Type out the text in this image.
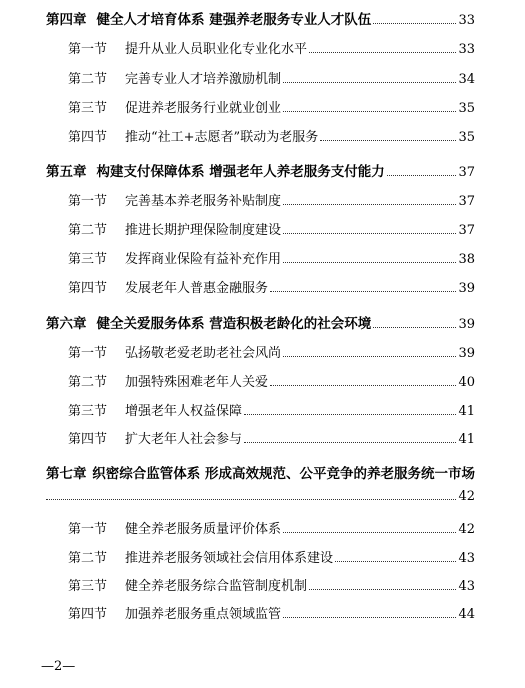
第四章 健全人才培育体系 建强养老服务专业人才队伍	33
第一节 提升从业人员职业化专业化水平	33
第二节 完善专业人才培养激励机制	34
第三节 促进养老服务行业就业创业	35
第四节 推动“社工+志愿者”联动为老服务	35
第五章 构建支付保障体系 增强老年人养老服务支付能力	37
第一节 完善基本养老服务补贴制度	37
第二节 推进长期护理保险制度建设	37
第三节 发挥商业保险有益补充作用	38
第四节 发展老年人普惠金融服务	39
第六章 健全关爱服务体系 营造积极老龄化的社会环境	39
第一节 弘扬敬老爱老助老社会风尚	39
第二节 加强特殊困难老年人关爱	40
第三节 增强老年人权益保障	41
第四节 扩大老年人社会参与	41
第七章 织密综合监管体系 形成高效规范、公平竞争的养老服务统一市场
42
第一节 健全养老服务质量评价体系	42
第二节 推进养老服务领域社会信用体系建设	43
第三节 健全养老服务综合监管制度机制	43
第四节 加强养老服务重点领域监管	44
—2—
